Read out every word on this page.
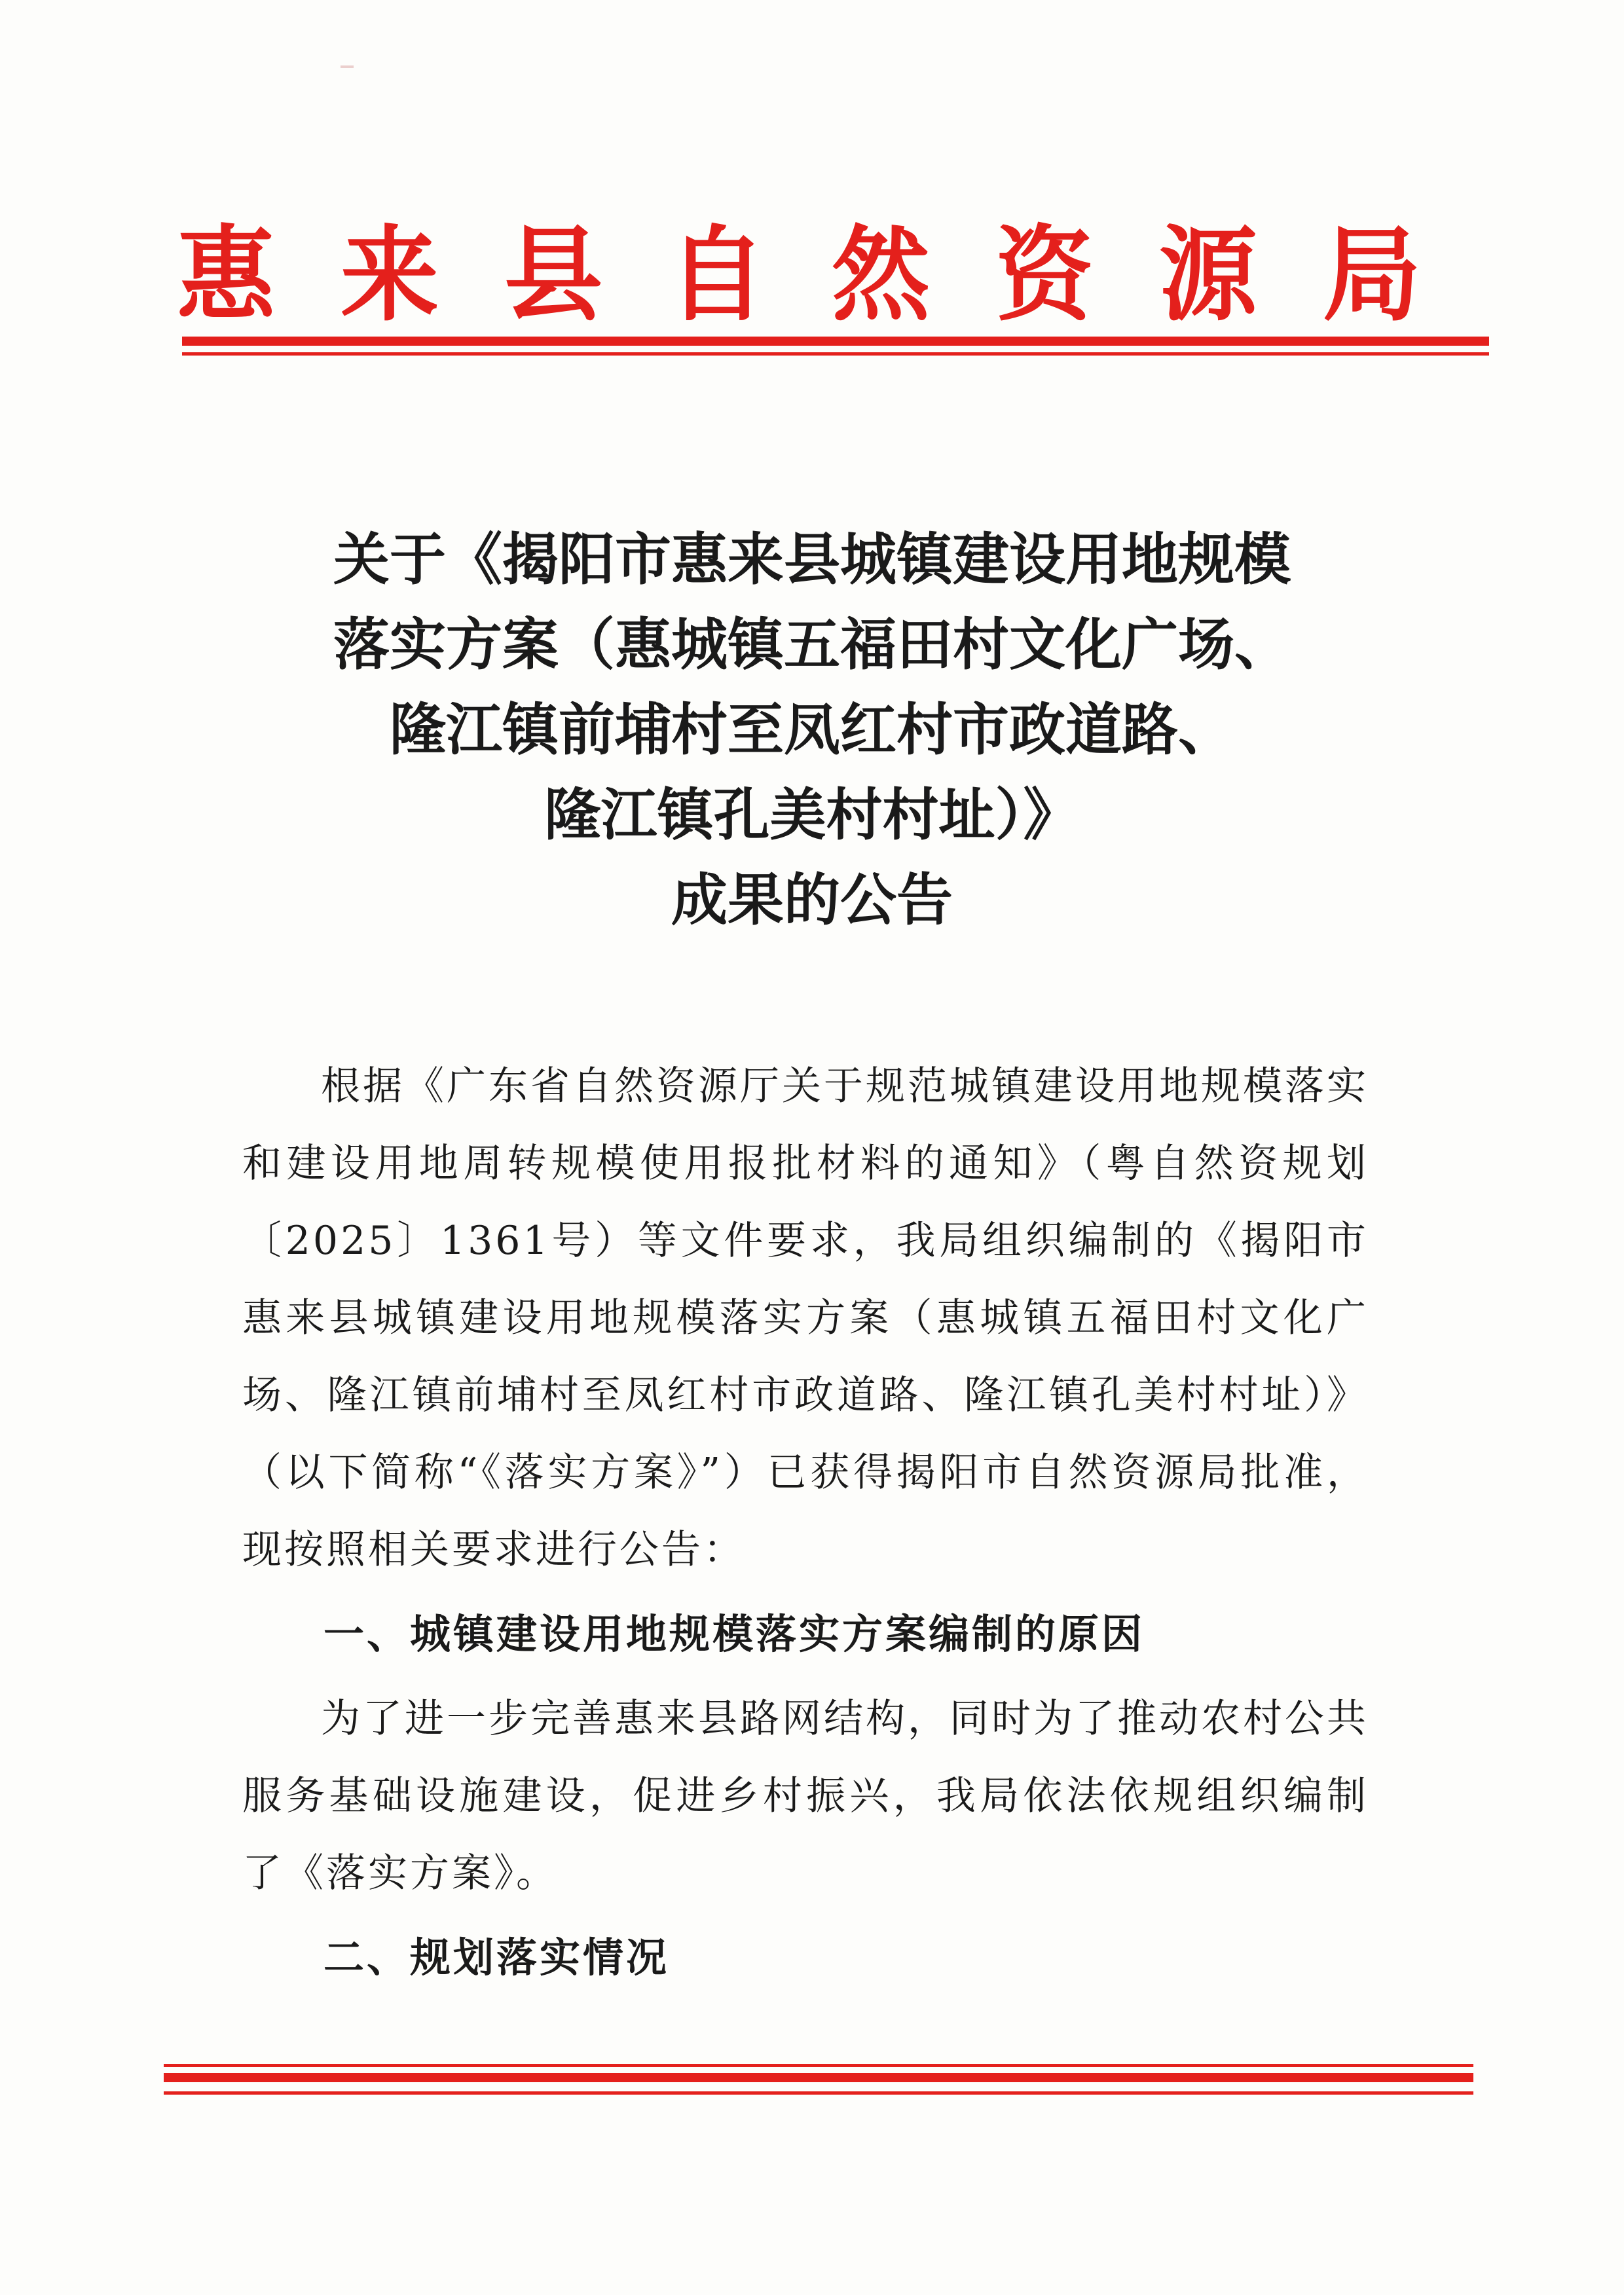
惠 来 县 自 然 资 源 局
关于《揭阳市惠来县城镇建设用地规模
落实方案（惠城镇五福田村文化广场、
隆江镇前埔村至凤红村市政道路、
隆江镇孔美村村址）》
成果的公告

根据《广东省自然资源厅关于规范城镇建设用地规模落实和建设用地周转规模使用报批材料的通知》（粤自然资规划〔2025〕1361号）等文件要求，我局组织编制的《揭阳市惠来县城镇建设用地规模落实方案（惠城镇五福田村文化广场、隆江镇前埔村至凤红村市政道路、隆江镇孔美村村址）》（以下简称“《落实方案》”）已获得揭阳市自然资源局批准，现按照相关要求进行公告：

一、城镇建设用地规模落实方案编制的原因

为了进一步完善惠来县路网结构，同时为了推动农村公共服务基础设施建设，促进乡村振兴，我局依法依规组织编制了《落实方案》。

二、规划落实情况
